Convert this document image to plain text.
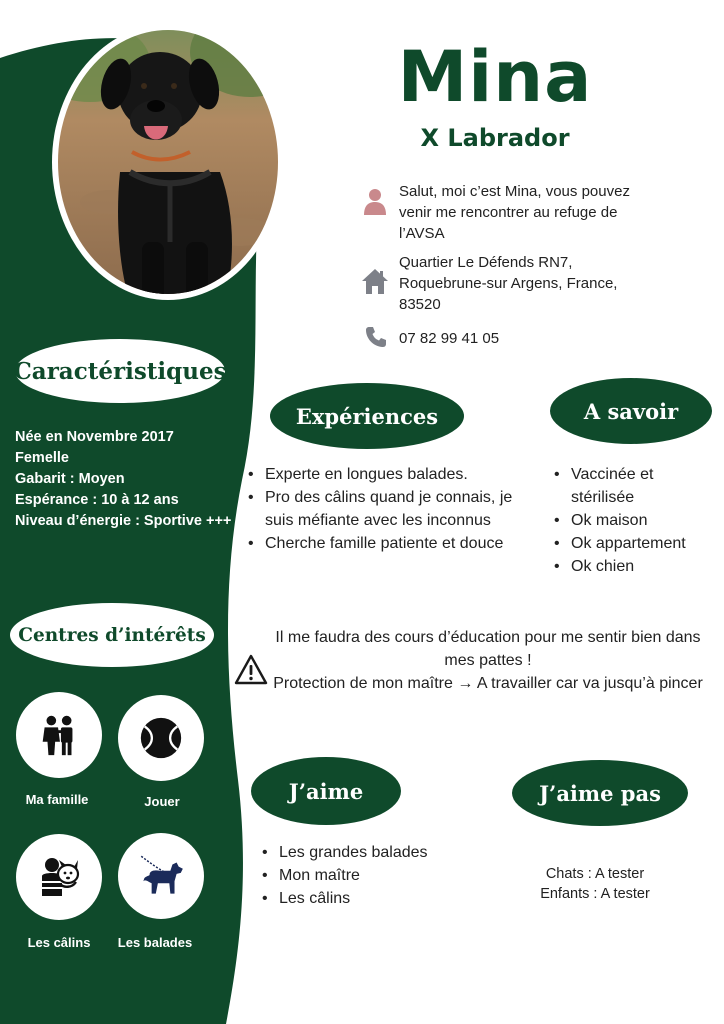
Mina
X Labrador
Salut, moi c’est Mina, vous pouvez venir me rencontrer au refuge de l’AVSA
Quartier Le Défends RN7, Roquebrune-sur Argens, France, 83520
07 82 99 41 05
Caractéristiques
Née en Novembre 2017
Femelle
Gabarit : Moyen
Espérance : 10 à 12 ans
Niveau d’énergie : Sportive +++
Expériences
• Experte en longues balades.
• Pro des câlins quand je connais, je suis méfiante avec les inconnus
• Cherche famille patiente et douce
A savoir
• Vaccinée et stérilisée
• Ok maison
• Ok appartement
• Ok chien
Il me faudra des cours d’éducation pour me sentir bien dans mes pattes !
Protection de mon maître → A travailler car va jusqu’à pincer
Centres d’intérêts
Ma famille	Jouer
Les câlins	Les balades
J’aime
• Les grandes balades
• Mon maître
• Les câlins
J’aime pas
Chats : A tester
Enfants : A tester
